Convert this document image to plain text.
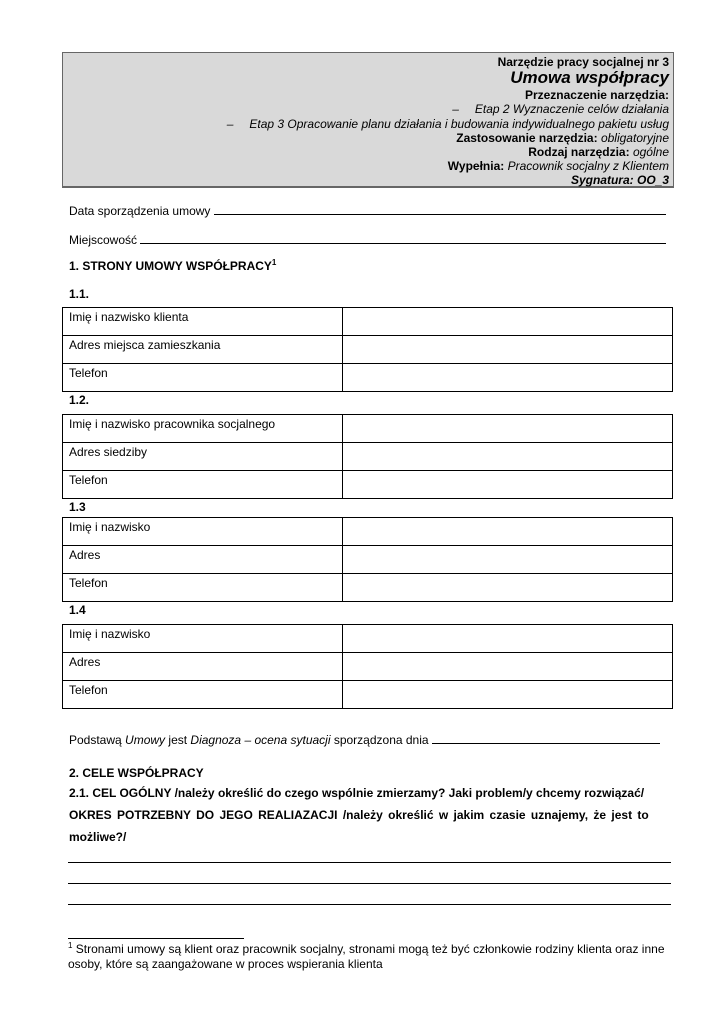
Narzędzie pracy socjalnej nr 3
Umowa współpracy
Przeznaczenie narzędzia:
– Etap 2 Wyznaczenie celów działania
– Etap 3 Opracowanie planu działania i budowania indywidualnego pakietu usług
Zastosowanie narzędzia: obligatoryjne
Rodzaj narzędzia: ogólne
Wypełnia: Pracownik socjalny z Klientem
Sygnatura: OO_3
Data sporządzenia umowy
Miejscowość
1. STRONY UMOWY WSPÓŁPRACY$^1$
1.1.
Imię i nazwisko klienta	
Adres miejsca zamieszkania	
Telefon	
1.2.
Imię i nazwisko pracownika socjalnego	
Adres siedziby	
Telefon	
1.3
Imię i nazwisko	
Adres	
Telefon	
1.4
Imię i nazwisko	
Adres	
Telefon	
Podstawą Umowy jest Diagnoza – ocena sytuacji sporządzona dnia
2. CELE WSPÓŁPRACY
2.1. CEL OGÓLNY /należy określić do czego wspólnie zmierzamy? Jaki problem/y chcemy rozwiązać/
OKRES POTRZEBNY DO JEGO REALIAZACJI /należy określić w jakim czasie uznajemy, że jest to
możliwe?/
$^1$ Stronami umowy są klient oraz pracownik socjalny, stronami mogą też być członkowie rodziny klienta oraz inne osoby, które są zaangażowane w proces wspierania klienta
